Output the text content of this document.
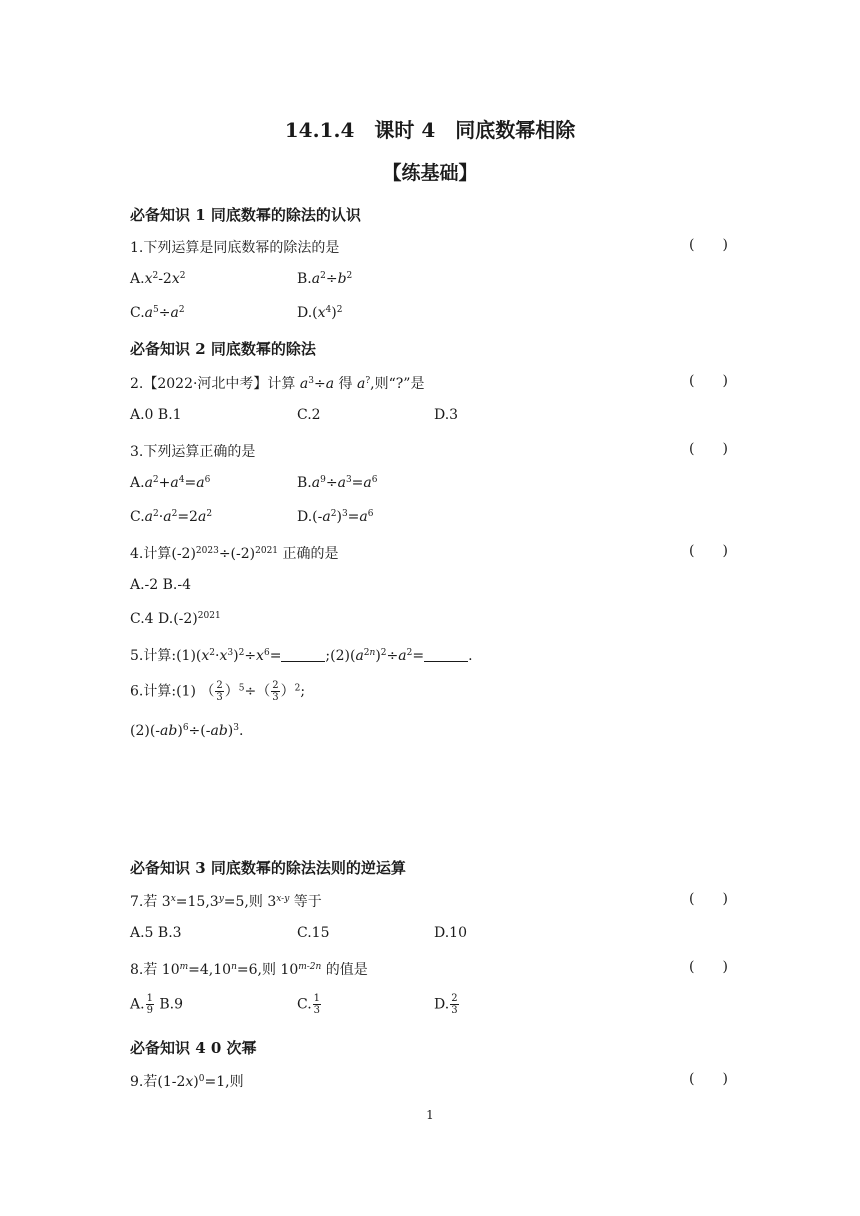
14.1.4　课时 4　同底数幂相除
【练基础】
必备知识 1 同底数幂的除法的认识
1.下列运算是同底数幂的除法的是	( )
$A.x^2-2x^2$	$B.a^2\div b^2$
$C.a^5\div a^2$	$D.(x^4)^2$
必备知识 2 同底数幂的除法
2.【2022·河北中考】计算 $a^3\div a$ 得 a?,则“?”是	( )
A.0 B.1	C.2	D.3
3.下列运算正确的是	( )
$A.a^2+a^4=a^6$	$B.a^9\div a^3=a^6$
$C.a^2\cdot a^2=2a^2$	$D.(-a^2)^3=a^6$
4.计算$(-2)^{2023}\div(-2)^{2021}$ 正确的是	( )
A.-2 B.-4
C.4 $D.(-2)^{2021}$
5.计算$:(1)(x^2\cdot x^3)^2\div x^6=$	$;(2)(a^{2n})^2\div a^2=$	.
6.计算:(1) （ $\frac{2}{3} )^5\div( \frac{2}{3} )^2$;
$(2)(-ab)^6\div(-ab)^3$.
必备知识 3 同底数幂的除法法则的逆运算
7.若 $3^x=15,3^y=5$,则 3$^{x-y}$ 等于	( )
A.5 B.3	C.15	D.10
8.若 $10^m=4,10^n=6$,则 $10^{m-2n}$ 的值是	( )
A. $\frac{1}{9} B.9$	C. $\frac{1}{3}$	D. $\frac{2}{3}$
必备知识 4 0 次幂
9.若$(1-2x)^0=1$,则	( )
1
